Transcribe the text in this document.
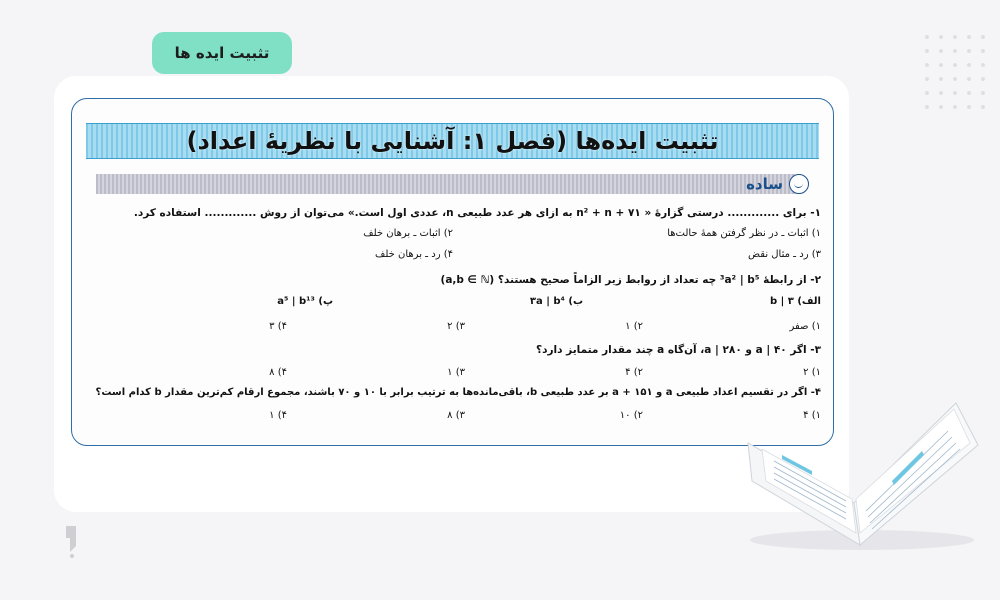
تثبیت ایده ها
تثبیت ایده‌ها (فصل ۱: آشنایی با نظریهٔ اعداد)
ساده
۱- برای ............. درستی گزارهٔ « n² + n + ۷۱ به ازای هر عدد طبیعی n، عددی اول است.» می‌توان از روش ............. استفاده کرد.
۱) اثبات ـ در نظر گرفتن همهٔ حالت‌ها
۲) اثبات ـ برهان خلف
۳) رد ـ مثال نقض
۴) رد ـ برهان خلف
۲- از رابطهٔ ³a² | b⁵ چه تعداد از روابط زیر الزاماً صحیح هستند؟ (a,b ∈ ℕ)
الف) ۳ | b
ب) ۳a | b⁴
پ) a⁵ | b¹³
۱) صفر
۲) ۱
۳) ۲
۴) ۳
۳- اگر a | ۴۰ و a | ۲۸۰، آن‌گاه a چند مقدار متمایز دارد؟
۱) ۲
۲) ۴
۳) ۱
۴) ۸
۴- اگر در تقسیم اعداد طبیعی a و a + ۱۵۱ بر عدد طبیعی b، باقی‌مانده‌ها به ترتیب برابر با ۱۰ و ۷۰ باشند، مجموع ارقام کم‌ترین مقدار b کدام است؟
۱) ۴
۲) ۱۰
۳) ۸
۴) ۱
